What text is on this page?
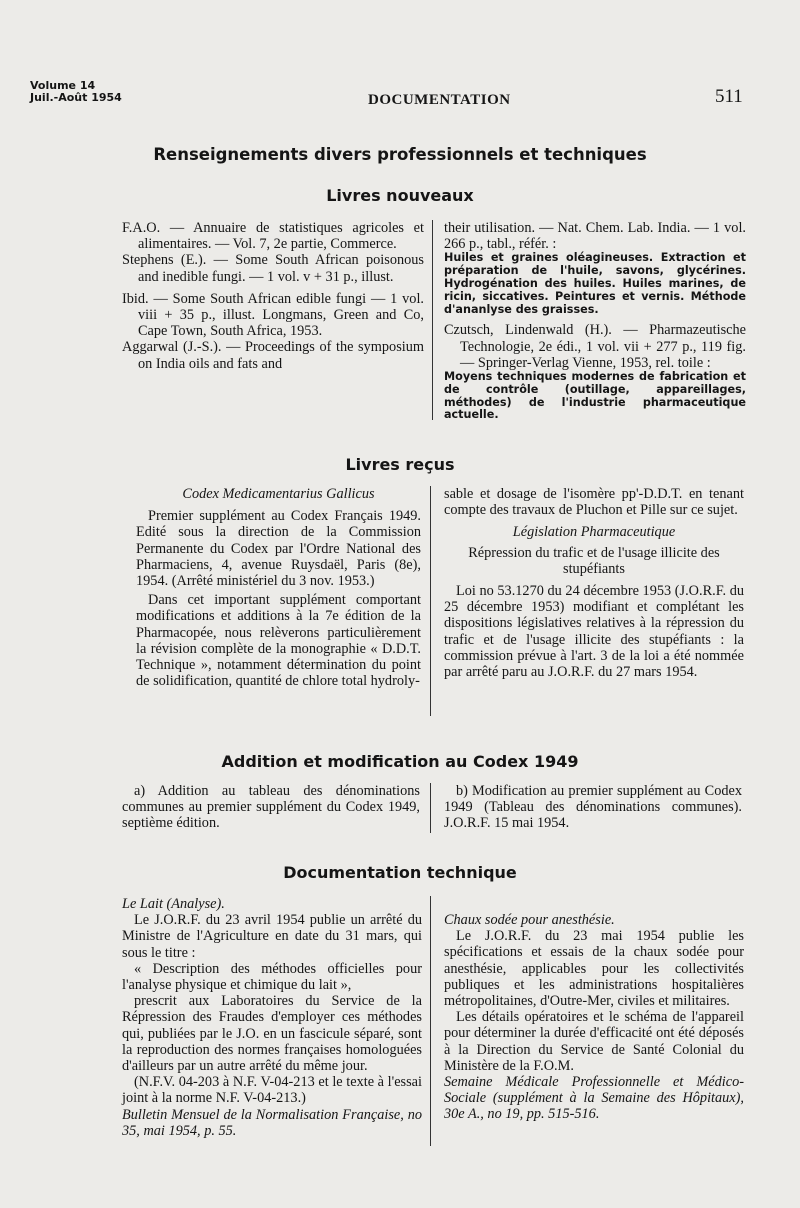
Volume 14
Juil.-Août 1954	DOCUMENTATION	511
Renseignements divers professionnels et techniques
Livres nouveaux

F.A.O. — Annuaire de statistiques agricoles et alimentaires. — Vol. 7, 2e partie, Commerce.

Stephens (E.). — Some South African poisonous and inedible fungi. — 1 vol. v + 31 p., illust.

Ibid. — Some South African edible fungi — 1 vol. viii + 35 p., illust. Longmans, Green and Co, Cape Town, South Africa, 1953.

Aggarwal (J.-S.). — Proceedings of the symposium on India oils and fats and

their utilisation. — Nat. Chem. Lab. India. — 1 vol. 266 p., tabl., référ. :

Huiles et graines oléagineuses. Extraction et préparation de l'huile, savons, glycérines. Hydrogénation des huiles. Huiles marines, de ricin, siccatives. Peintures et vernis. Méthode d'ananlyse des graisses.

Czutsch, Lindenwald (H.). — Pharmazeutische Technologie, 2e édi., 1 vol. vii + 277 p., 119 fig. — Springer-Verlag Vienne, 1953, rel. toile :

Moyens techniques modernes de fabrication et de contrôle (outillage, appareillages, méthodes) de l'industrie pharmaceutique actuelle.

Livres reçus

Codex Medicamentarius Gallicus

Premier supplément au Codex Français 1949. Edité sous la direction de la Commission Permanente du Codex par l'Ordre National des Pharmaciens, 4, avenue Ruysdaël, Paris (8e), 1954. (Arrêté ministériel du 3 nov. 1953.)

Dans cet important supplément comportant modifications et additions à la 7e édition de la Pharmacopée, nous relèverons particulièrement la révision complète de la monographie « D.D.T. Technique », notamment détermination du point de solidification, quantité de chlore total hydroly-

sable et dosage de l'isomère pp'-D.D.T. en tenant compte des travaux de Pluchon et Pille sur ce sujet.

Législation Pharmaceutique

Répression du trafic et de l'usage illicite des stupéfiants

Loi no 53.1270 du 24 décembre 1953 (J.O.R.F. du 25 décembre 1953) modifiant et complétant les dispositions législatives relatives à la répression du trafic et de l'usage illicite des stupéfiants : la commission prévue à l'art. 3 de la loi a été nommée par arrêté paru au J.O.R.F. du 27 mars 1954.

Addition et modification au Codex 1949

a) Addition au tableau des dénominations communes au premier supplément du Codex 1949, septième édition.

b) Modification au premier supplément au Codex 1949 (Tableau des dénominations communes). J.O.R.F. 15 mai 1954.

Documentation technique

Le Lait (Analyse).

Le J.O.R.F. du 23 avril 1954 publie un arrêté du Ministre de l'Agriculture en date du 31 mars, qui sous le titre :

« Description des méthodes officielles pour l'analyse physique et chimique du lait »,

prescrit aux Laboratoires du Service de la Répression des Fraudes d'employer ces méthodes qui, publiées par le J.O. en un fascicule séparé, sont la reproduction des normes françaises homologuées d'ailleurs par un autre arrêté du même jour.

(N.F.V. 04-203 à N.F. V-04-213 et le texte à l'essai joint à la norme N.F. V-04-213.)

Bulletin Mensuel de la Normalisation Française, no 35, mai 1954, p. 55.

Chaux sodée pour anesthésie.

Le J.O.R.F. du 23 mai 1954 publie les spécifications et essais de la chaux sodée pour anesthésie, applicables pour les collectivités publiques et les administrations hospitalières métropolitaines, d'Outre-Mer, civiles et militaires.

Les détails opératoires et le schéma de l'appareil pour déterminer la durée d'efficacité ont été déposés à la Direction du Service de Santé Colonial du Ministère de la F.O.M.

Semaine Médicale Professionnelle et Médico-Sociale (supplément à la Semaine des Hôpitaux), 30e A., no 19, pp. 515-516.
